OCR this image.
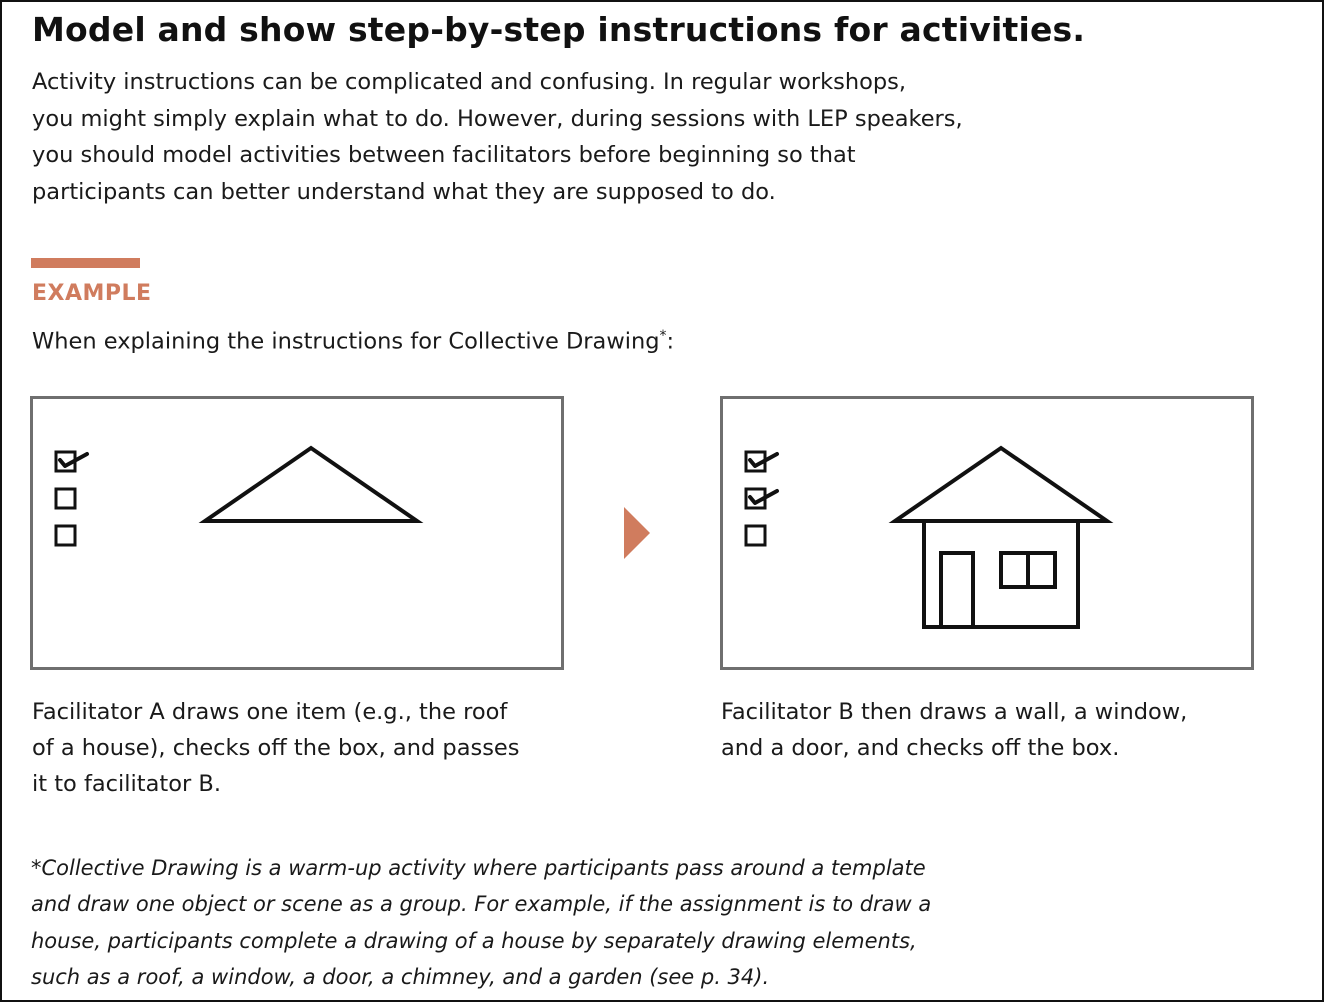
Model and show step-by-step instructions for activities.

Activity instructions can be complicated and confusing. In regular workshops,
you might simply explain what to do. However, during sessions with LEP speakers,
you should model activities between facilitators before beginning so that
participants can better understand what they are supposed to do.

EXAMPLE
When explaining the instructions for Collective Drawing*:

Facilitator A draws one item (e.g., the roof
of a house), checks off the box, and passes
it to facilitator B.

Facilitator B then draws a wall, a window,
and a door, and checks off the box.

*Collective Drawing is a warm-up activity where participants pass around a template
and draw one object or scene as a group. For example, if the assignment is to draw a
house, participants complete a drawing of a house by separately drawing elements,
such as a roof, a window, a door, a chimney, and a garden (see p. 34).
